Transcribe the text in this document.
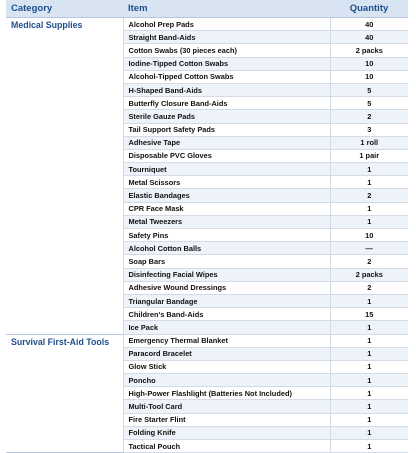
Category	Item	Quantity
Medical Supplies	Alcohol Prep Pads	40
	Straight Band-Aids	40
	Cotton Swabs (30 pieces each)	2 packs
	Iodine-Tipped Cotton Swabs	10
	Alcohol-Tipped Cotton Swabs	10
	H-Shaped Band-Aids	5
	Butterfly Closure Band-Aids	5
	Sterile Gauze Pads	2
	Tail Support Safety Pads	3
	Adhesive Tape	1 roll
	Disposable PVC Gloves	1 pair
	Tourniquet	1
	Metal Scissors	1
	Elastic Bandages	2
	CPR Face Mask	1
	Metal Tweezers	1
	Safety Pins	10
	Alcohol Cotton Balls	—
	Soap Bars	2
	Disinfecting Facial Wipes	2 packs
	Adhesive Wound Dressings	2
	Triangular Bandage	1
	Children's Band-Aids	15
	Ice Pack	1
Survival First-Aid Tools	Emergency Thermal Blanket	1
	Paracord Bracelet	1
	Glow Stick	1
	Poncho	1
	High-Power Flashlight (Batteries Not Included)	1
	Multi-Tool Card	1
	Fire Starter Flint	1
	Folding Knife	1
	Tactical Pouch	1
